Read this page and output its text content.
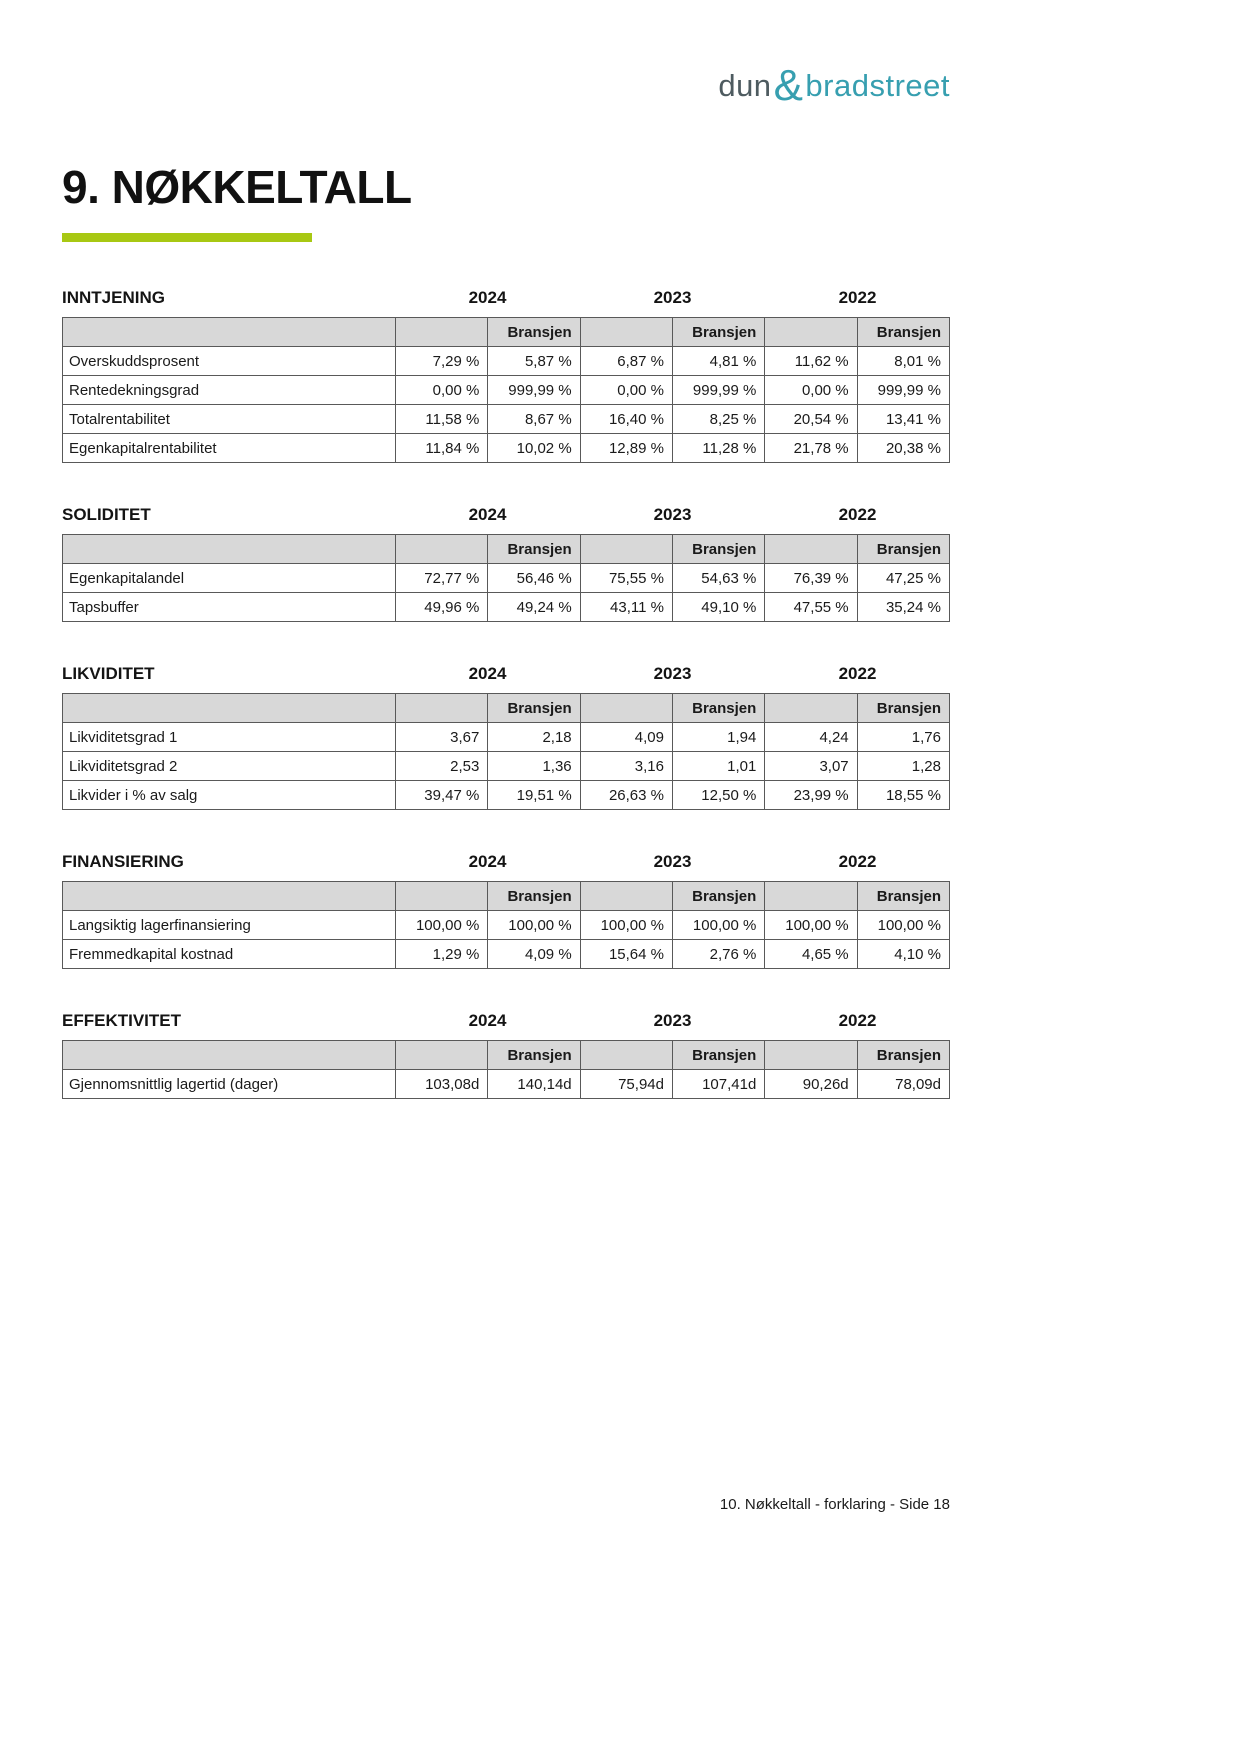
dun & bradstreet
9. NØKKELTALL
INNTJENING	2024	2023	2022
		Bransjen		Bransjen		Bransjen
Overskuddsprosent	7,29 %	5,87 %	6,87 %	4,81 %	11,62 %	8,01 %
Rentedekningsgrad	0,00 %	999,99 %	0,00 %	999,99 %	0,00 %	999,99 %
Totalrentabilitet	11,58 %	8,67 %	16,40 %	8,25 %	20,54 %	13,41 %
Egenkapitalrentabilitet	11,84 %	10,02 %	12,89 %	11,28 %	21,78 %	20,38 %
SOLIDITET	2024	2023	2022
		Bransjen		Bransjen		Bransjen
Egenkapitalandel	72,77 %	56,46 %	75,55 %	54,63 %	76,39 %	47,25 %
Tapsbuffer	49,96 %	49,24 %	43,11 %	49,10 %	47,55 %	35,24 %
LIKVIDITET	2024	2023	2022
		Bransjen		Bransjen		Bransjen
Likviditetsgrad 1	3,67	2,18	4,09	1,94	4,24	1,76
Likviditetsgrad 2	2,53	1,36	3,16	1,01	3,07	1,28
Likvider i % av salg	39,47 %	19,51 %	26,63 %	12,50 %	23,99 %	18,55 %
FINANSIERING	2024	2023	2022
		Bransjen		Bransjen		Bransjen
Langsiktig lagerfinansiering	100,00 %	100,00 %	100,00 %	100,00 %	100,00 %	100,00 %
Fremmedkapital kostnad	1,29 %	4,09 %	15,64 %	2,76 %	4,65 %	4,10 %
EFFEKTIVITET	2024	2023	2022
		Bransjen		Bransjen		Bransjen
Gjennomsnittlig lagertid (dager)	103,08d	140,14d	75,94d	107,41d	90,26d	78,09d
10. Nøkkeltall - forklaring - Side 18
